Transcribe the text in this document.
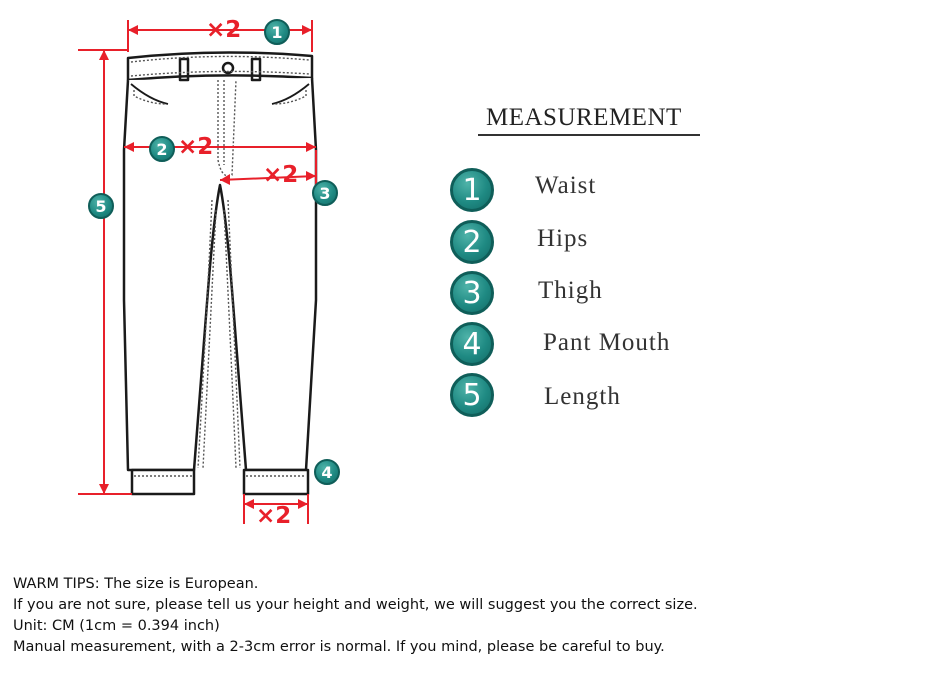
×2
×2
×2
×2
1
2
3
4
5
MEASUREMENT
1	Waist
2	Hips
3	Thigh
4	Pant Mouth
5	Length
WARM TIPS: The size is European.
If you are not sure, please tell us your height and weight, we will suggest you the correct size.
Unit: CM (1cm = 0.394 inch)
Manual measurement, with a 2-3cm error is normal. If you mind, please be careful to buy.
